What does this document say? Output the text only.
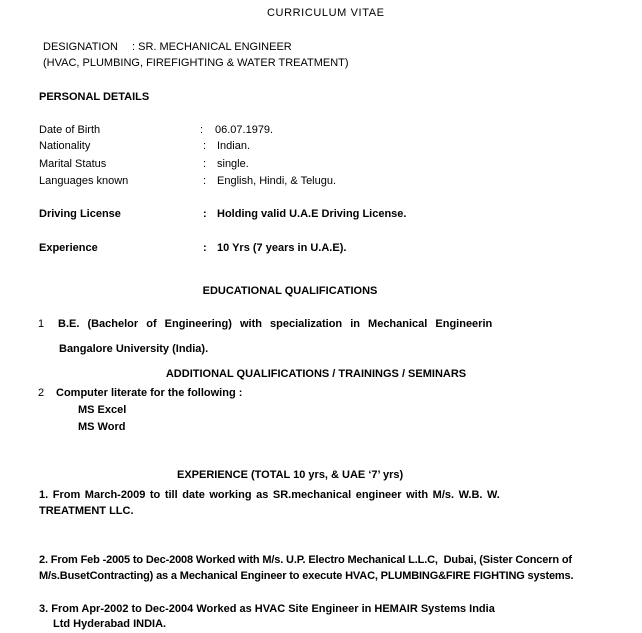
CURRICULUM VITAE
DESIGNATION : SR. MECHANICAL ENGINEER
(HVAC, PLUMBING, FIREFIGHTING & WATER TREATMENT)
PERSONAL DETAILS
Date of Birth	: 06.07.1979.
Nationality	: Indian.
Marital Status	: single.
Languages known	: English, Hindi, & Telugu.
Driving License	: Holding valid U.A.E Driving License.
Experience	: 10 Yrs (7 years in U.A.E).
EDUCATIONAL QUALIFICATIONS
1 B.E. (Bachelor of Engineering) with specialization in Mechanical Engineerin
Bangalore University (India).
ADDITIONAL QUALIFICATIONS / TRAININGS / SEMINARS
2 Computer literate for the following :
MS Excel
MS Word
EXPERIENCE (TOTAL 10 yrs, & UAE ‘7’ yrs)
1. From March-2009 to till date working as SR.mechanical engineer with M/s. W.B. W.
TREATMENT LLC.
2. From Feb -2005 to Dec-2008 Worked with M/s. U.P. Electro Mechanical L.L.C,  Dubai, (Sister Concern of
M/s.BusetContracting) as a Mechanical Engineer to execute HVAC, PLUMBING&FIRE FIGHTING systems.
3. From Apr-2002 to Dec-2004 Worked as HVAC Site Engineer in HEMAIR Systems India
Ltd Hyderabad INDIA.
